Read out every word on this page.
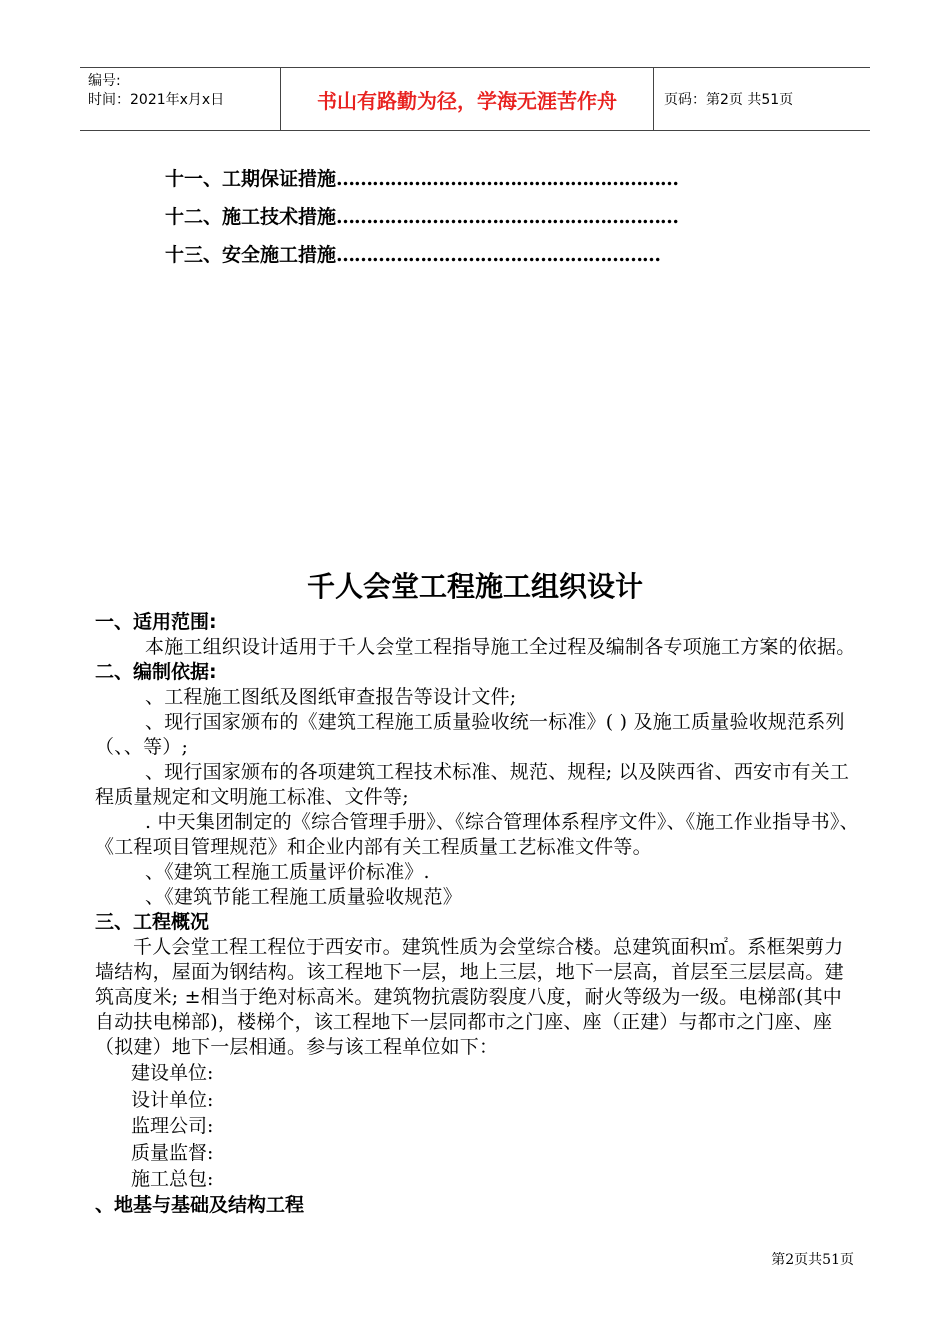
编号:
时间：2021年x月x日	书山有路勤为径，学海无涯苦作舟	页码：第2页 共51页
十一、工期保证措施…………………………………………………
十二、施工技术措施…………………………………………………
十三、安全施工措施………………………………………………
千人会堂工程施工组织设计
一、适用范围:
本施工组织设计适用于千人会堂工程指导施工全过程及编制各专项施工方案的依据。
二、编制依据:
、工程施工图纸及图纸审查报告等设计文件;
、现行国家颁布的《建筑工程施工质量验收统一标准》( ) 及施工质量验收规范系列（、、等）;
、现行国家颁布的各项建筑工程技术标准、规范、规程; 以及陕西省、西安市有关工程质量规定和文明施工标准、文件等;
. 中天集团制定的《综合管理手册》、《综合管理体系程序文件》、《施工作业指导书》、《工程项目管理规范》和企业内部有关工程质量工艺标准文件等。
、《建筑工程施工质量评价标准》.
、《建筑节能工程施工质量验收规范》
三、工程概况
千人会堂工程工程位于西安市。建筑性质为会堂综合楼。总建筑面积㎡。系框架剪力墙结构，屋面为钢结构。该工程地下一层，地上三层，地下一层高，首层至三层层高。建筑高度米; ±相当于绝对标高米。建筑物抗震防裂度八度，耐火等级为一级。电梯部(其中自动扶电梯部)，楼梯个，该工程地下一层同都市之门座、座（正建）与都市之门座、座（拟建）地下一层相通。参与该工程单位如下：
建设单位:
设计单位:
监理公司:
质量监督:
施工总包:
、地基与基础及结构工程
第2页共51页
